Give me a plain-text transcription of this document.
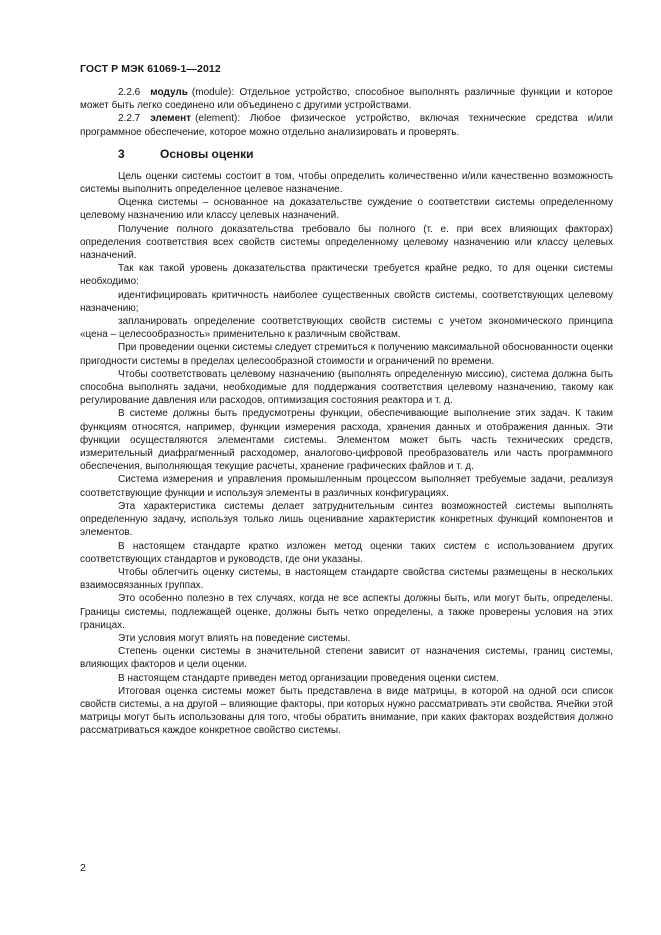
ГОСТ Р МЭК 61069-1—2012

2.2.6 модуль (module): Отдельное устройство, способное выполнять различные функции и которое может быть легко соединено или объединено с другими устройствами.

2.2.7 элемент (element): Любое физическое устройство, включая технические средства и/или программное обеспечение, которое можно отдельно анализировать и проверять.

3	Основы оценки

Цель оценки системы состоит в том, чтобы определить количественно и/или качественно возможность системы выполнить определенное целевое назначение.

Оценка системы – основанное на доказательстве суждение о соответствии системы определенному целевому назначению или классу целевых назначений.

Получение полного доказательства требовало бы полного (т. е. при всех влияющих факторах) определения соответствия всех свойств системы определенному целевому назначению или классу целевых назначений.

Так как такой уровень доказательства практически требуется крайне редко, то для оценки системы необходимо:

идентифицировать критичность наиболее существенных свойств системы, соответствующих целевому назначению;

запланировать определение соответствующих свойств системы с учетом экономического принципа «цена – целесообразность» применительно к различным свойствам.

При проведении оценки системы следует стремиться к получению максимальной обоснованности оценки пригодности системы в пределах целесообразной стоимости и ограничений по времени.

Чтобы соответствовать целевому назначению (выполнять определенную миссию), система должна быть способна выполнять задачи, необходимые для поддержания соответствия целевому назначению, такому как регулирование давления или расходов, оптимизация состояния реактора и т. д.

В системе должны быть предусмотрены функции, обеспечивающие выполнение этих задач. К таким функциям относятся, например, функции измерения расхода, хранения данных и отображения данных. Эти функции осуществляются элементами системы. Элементом может быть часть технических средств, измерительный диафрагменный расходомер, аналогово-цифровой преобразователь или часть программного обеспечения, выполняющая текущие расчеты, хранение графических файлов и т. д.

Система измерения и управления промышленным процессом выполняет требуемые задачи, реализуя соответствующие функции и используя элементы в различных конфигурациях.

Эта характеристика системы делает затруднительным синтез возможностей системы выполнять определенную задачу, используя только лишь оценивание характеристик конкретных функций компонентов и элементов.

В настоящем стандарте кратко изложен метод оценки таких систем с использованием других соответствующих стандартов и руководств, где они указаны.

Чтобы облегчить оценку системы, в настоящем стандарте свойства системы размещены в нескольких взаимосвязанных группах.

Это особенно полезно в тех случаях, когда не все аспекты должны быть, или могут быть, определены. Границы системы, подлежащей оценке, должны быть четко определены, а также проверены условия на этих границах.

Эти условия могут влиять на поведение системы.

Степень оценки системы в значительной степени зависит от назначения системы, границ системы, влияющих факторов и цели оценки.

В настоящем стандарте приведен метод организации проведения оценки систем.

Итоговая оценка системы может быть представлена в виде матрицы, в которой на одной оси список свойств системы, а на другой – влияющие факторы, при которых нужно рассматривать эти свойства. Ячейки этой матрицы могут быть использованы для того, чтобы обратить внимание, при каких факторах воздействия должно рассматриваться каждое конкретное свойство системы.

2
